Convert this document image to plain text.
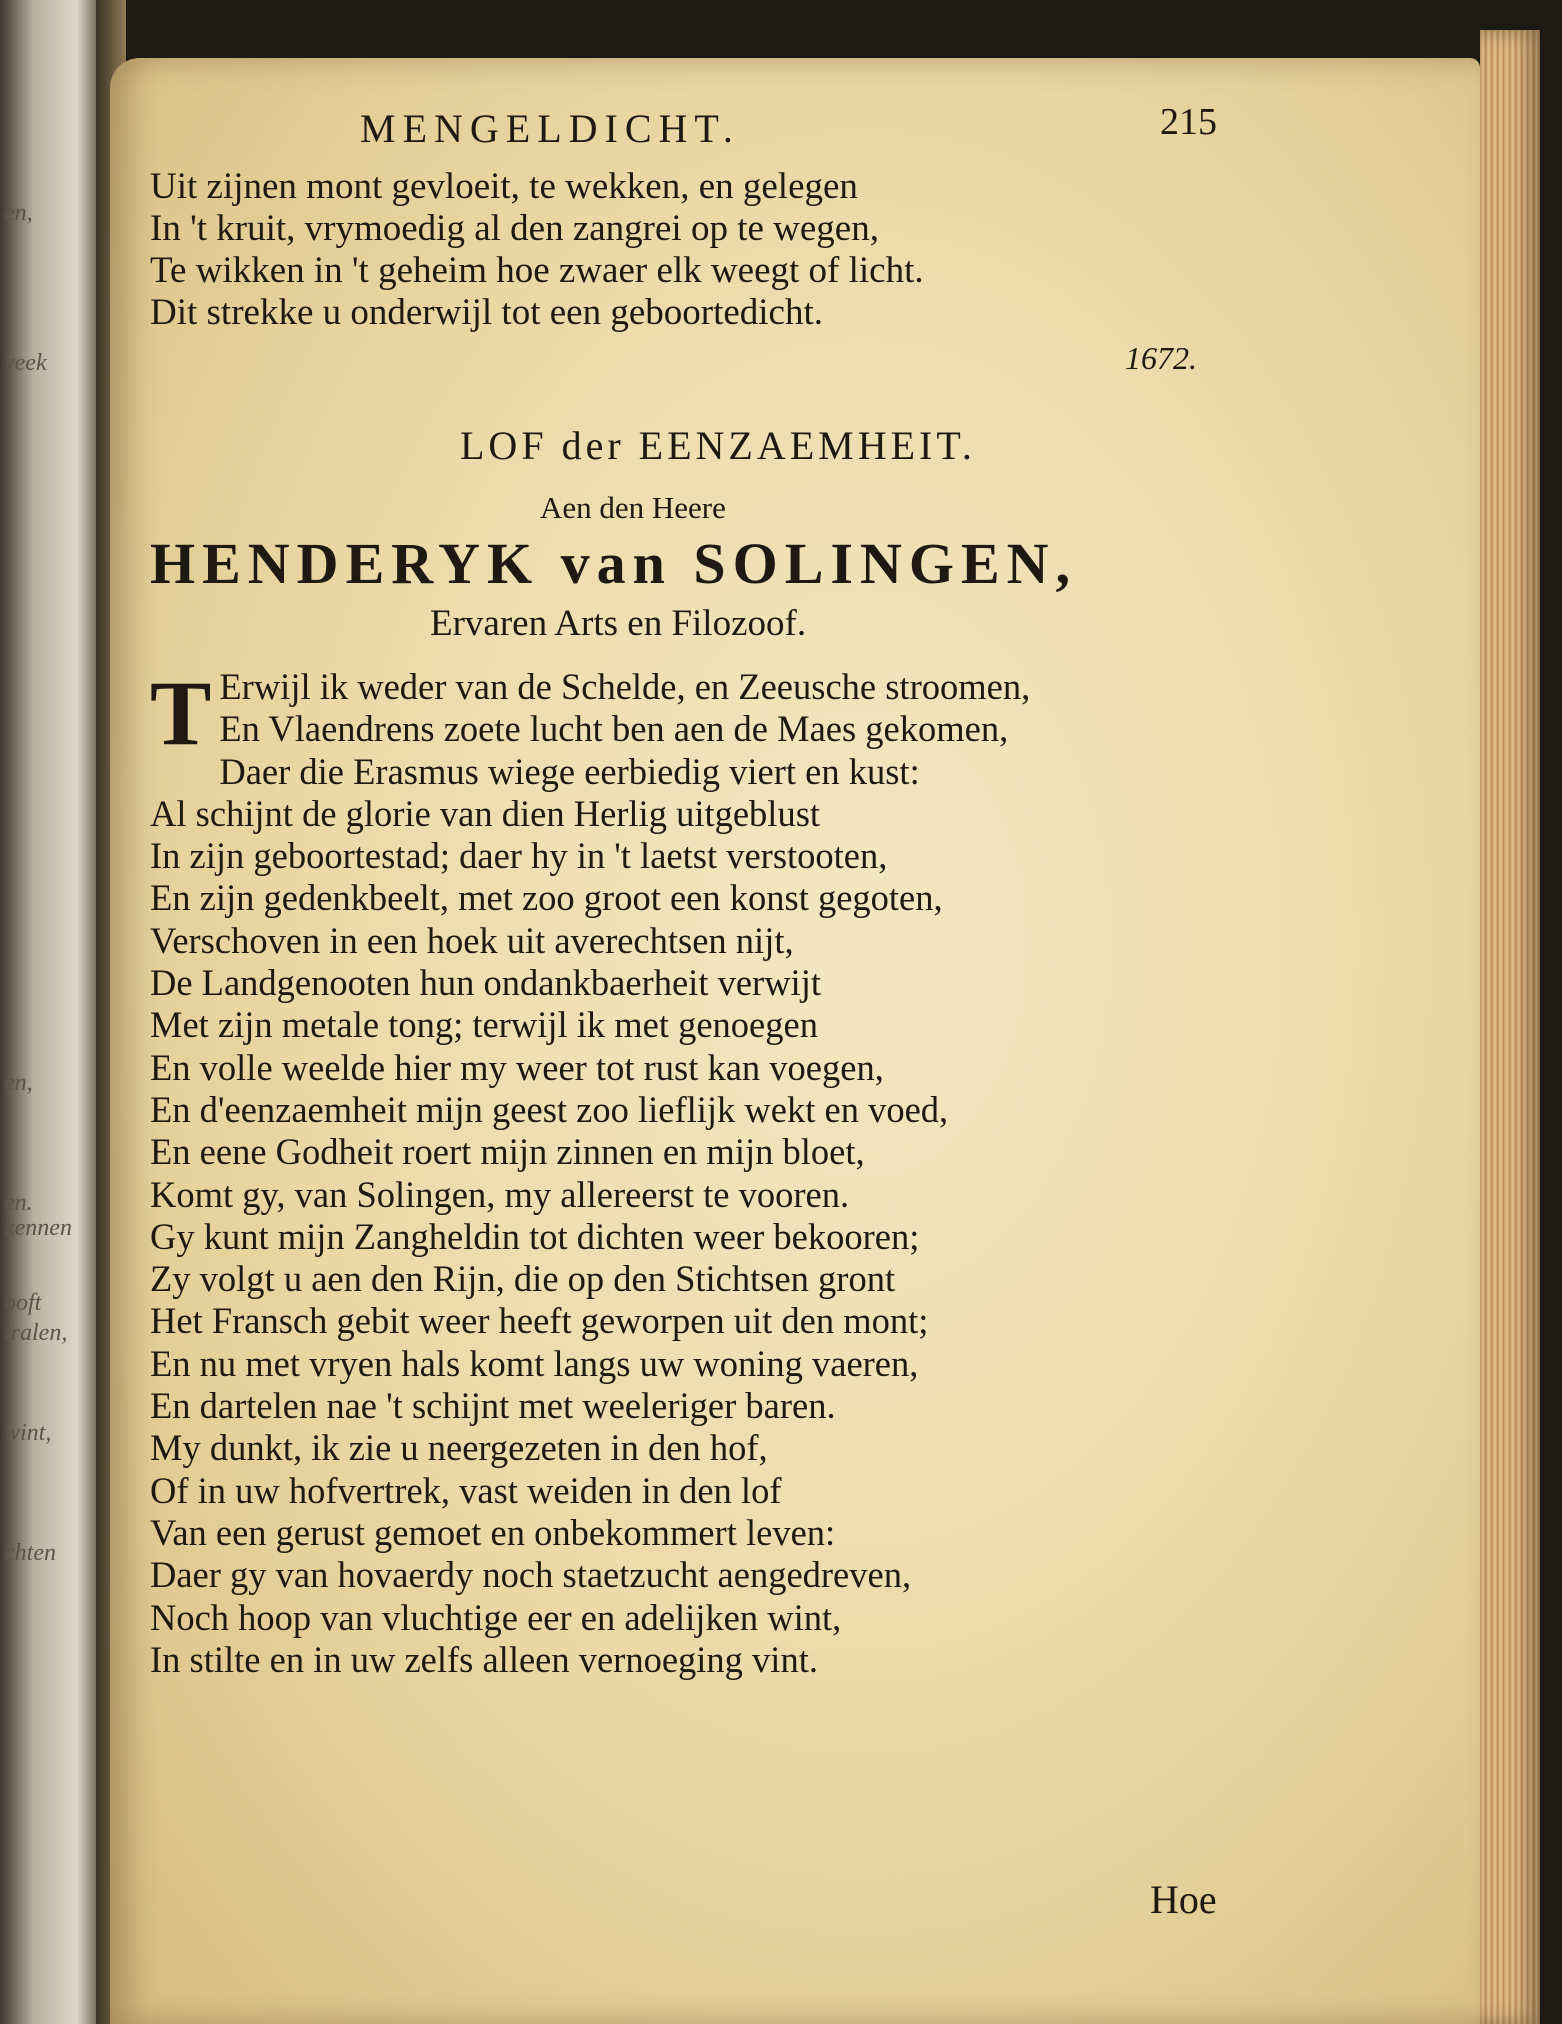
en,
veek
en,
en.
kennen
ooft
tralen,
wint,
chten
MENGELDICHT.	215
Uit zijnen mont gevloeit, te wekken, en gelegen
In 't kruit, vrymoedig al den zangrei op te wegen,
Te wikken in 't geheim hoe zwaer elk weegt of licht.
Dit strekke u onderwijl tot een geboortedicht.
1672.
LOF der EENZAEMHEIT.
Aen den Heere
HENDERYK van SOLINGEN,
Ervaren Arts en Filozoof.
T Erwijl ik weder van de Schelde, en Zeeusche stroomen,
En Vlaendrens zoete lucht ben aen de Maes gekomen,
Daer die Erasmus wiege eerbiedig viert en kust:
Al schijnt de glorie van dien Herlig uitgeblust
In zijn geboortestad; daer hy in 't laetst verstooten,
En zijn gedenkbeelt, met zoo groot een konst gegoten,
Verschoven in een hoek uit averechtsen nijt,
De Landgenooten hun ondankbaerheit verwijt
Met zijn metale tong; terwijl ik met genoegen
En volle weelde hier my weer tot rust kan voegen,
En d'eenzaemheit mijn geest zoo lieflijk wekt en voed,
En eene Godheit roert mijn zinnen en mijn bloet,
Komt gy, van Solingen, my allereerst te vooren.
Gy kunt mijn Zangheldin tot dichten weer bekooren;
Zy volgt u aen den Rijn, die op den Stichtsen gront
Het Fransch gebit weer heeft geworpen uit den mont;
En nu met vryen hals komt langs uw woning vaeren,
En dartelen nae 't schijnt met weeleriger baren.
My dunkt, ik zie u neergezeten in den hof,
Of in uw hofvertrek, vast weiden in den lof
Van een gerust gemoet en onbekommert leven:
Daer gy van hovaerdy noch staetzucht aengedreven,
Noch hoop van vluchtige eer en adelijken wint,
In stilte en in uw zelfs alleen vernoeging vint.
Hoe
